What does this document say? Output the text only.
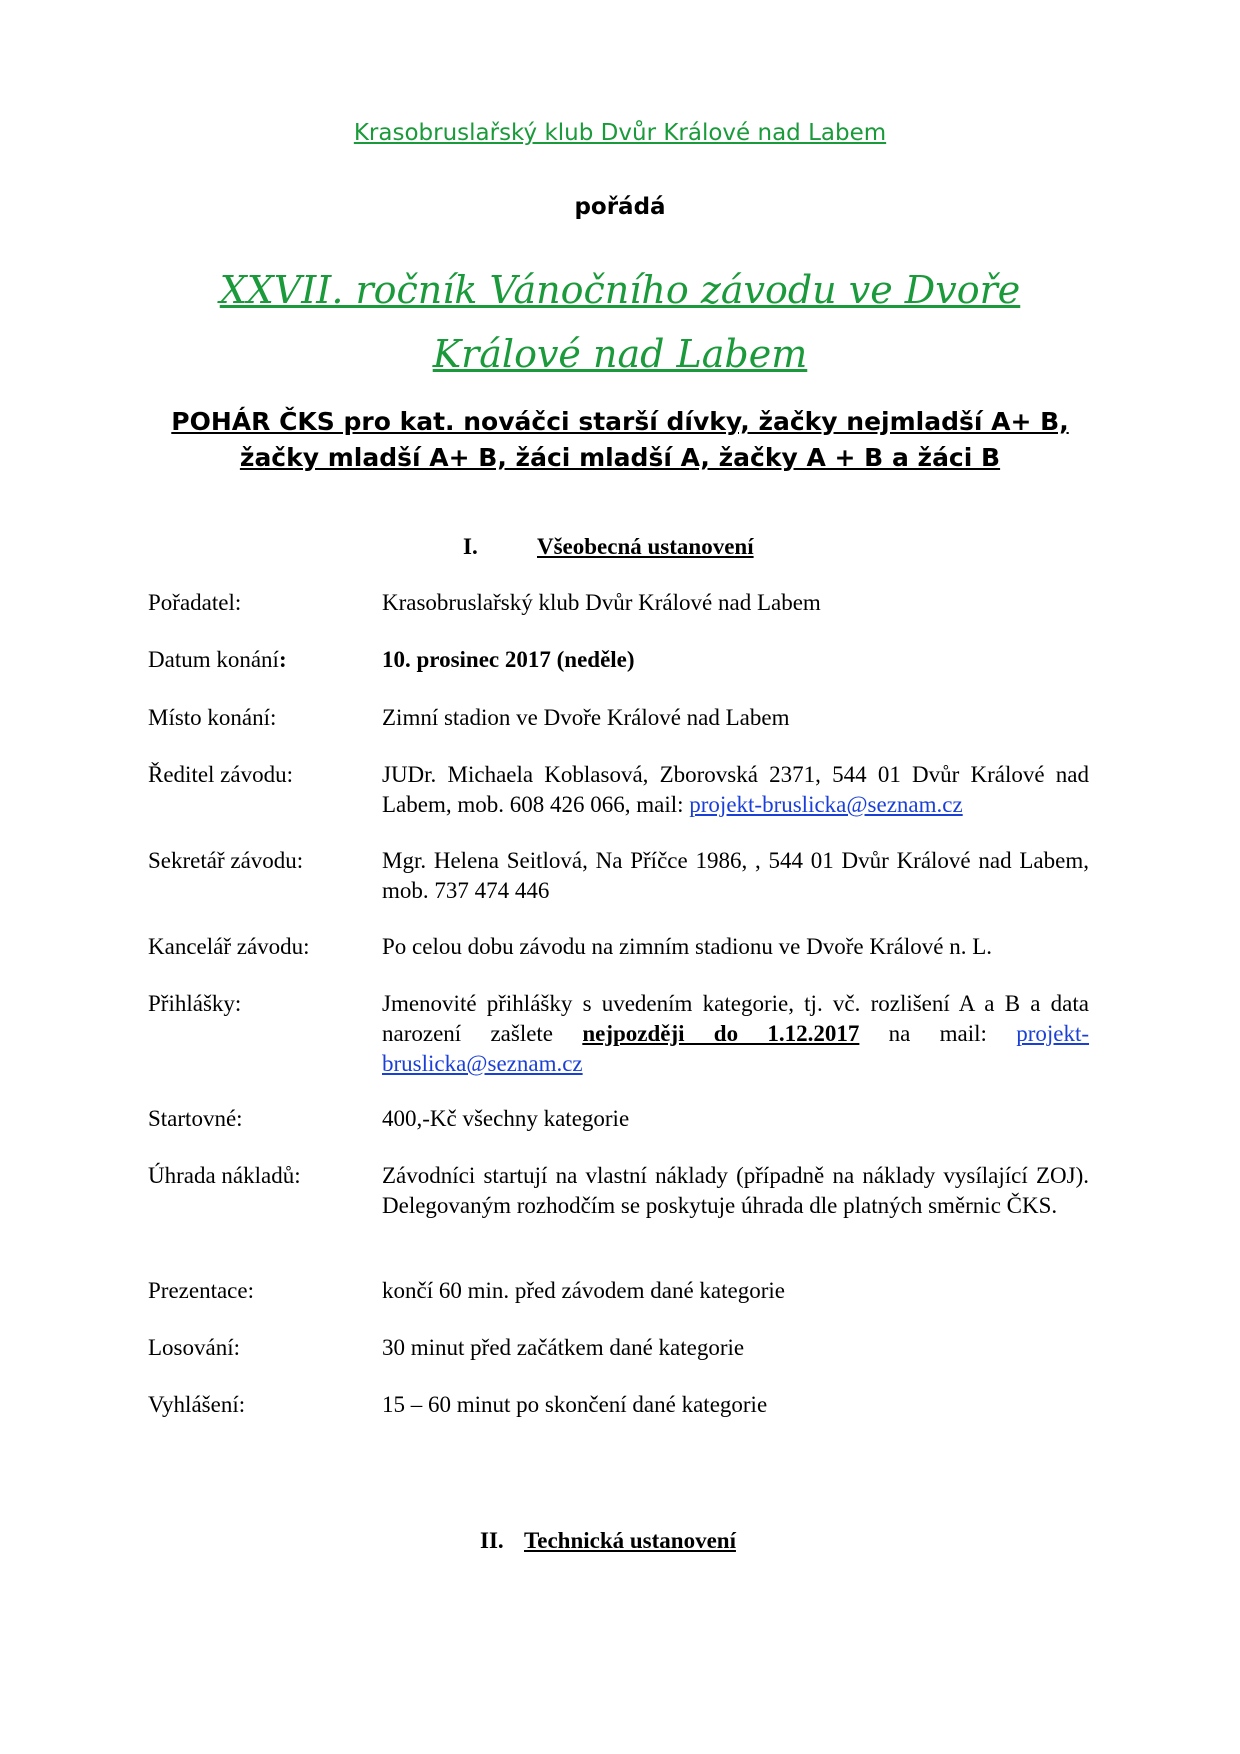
Krasobruslařský klub Dvůr Králové nad Labem
pořádá
XXVII. ročník Vánočního závodu ve Dvoře Králové nad Labem
POHÁR ČKS pro kat. nováčci starší dívky, žačky nejmladší A+ B, žačky mladší A+ B, žáci mladší A, žačky A + B a žáci B
I.	Všeobecná ustanovení
Pořadatel:	Krasobruslařský klub Dvůr Králové nad Labem
Datum konání:	10. prosinec 2017 (neděle)
Místo konání:	Zimní stadion ve Dvoře Králové nad Labem
Ředitel závodu:	JUDr. Michaela Koblasová, Zborovská 2371, 544 01 Dvůr Králové nad Labem, mob. 608 426 066, mail: projekt-bruslicka@seznam.cz
Sekretář závodu:	Mgr. Helena Seitlová, Na Příčce 1986, , 544 01 Dvůr Králové nad Labem, mob. 737 474 446
Kancelář závodu:	Po celou dobu závodu na zimním stadionu ve Dvoře Králové n. L.
Přihlášky:	Jmenovité přihlášky s uvedením kategorie, tj. vč. rozlišení A a B a data narození zašlete nejpozději do 1.12.2017 na mail: projekt-bruslicka@seznam.cz
Startovné:	400,-Kč všechny kategorie
Úhrada nákladů:	Závodníci startují na vlastní náklady (případně na náklady vysílající ZOJ). Delegovaným rozhodčím se poskytuje úhrada dle platných směrnic ČKS.
Prezentace:	končí 60 min. před závodem dané kategorie
Losování:	30 minut před začátkem dané kategorie
Vyhlášení:	15 – 60 minut po skončení dané kategorie
II. Technická ustanovení
